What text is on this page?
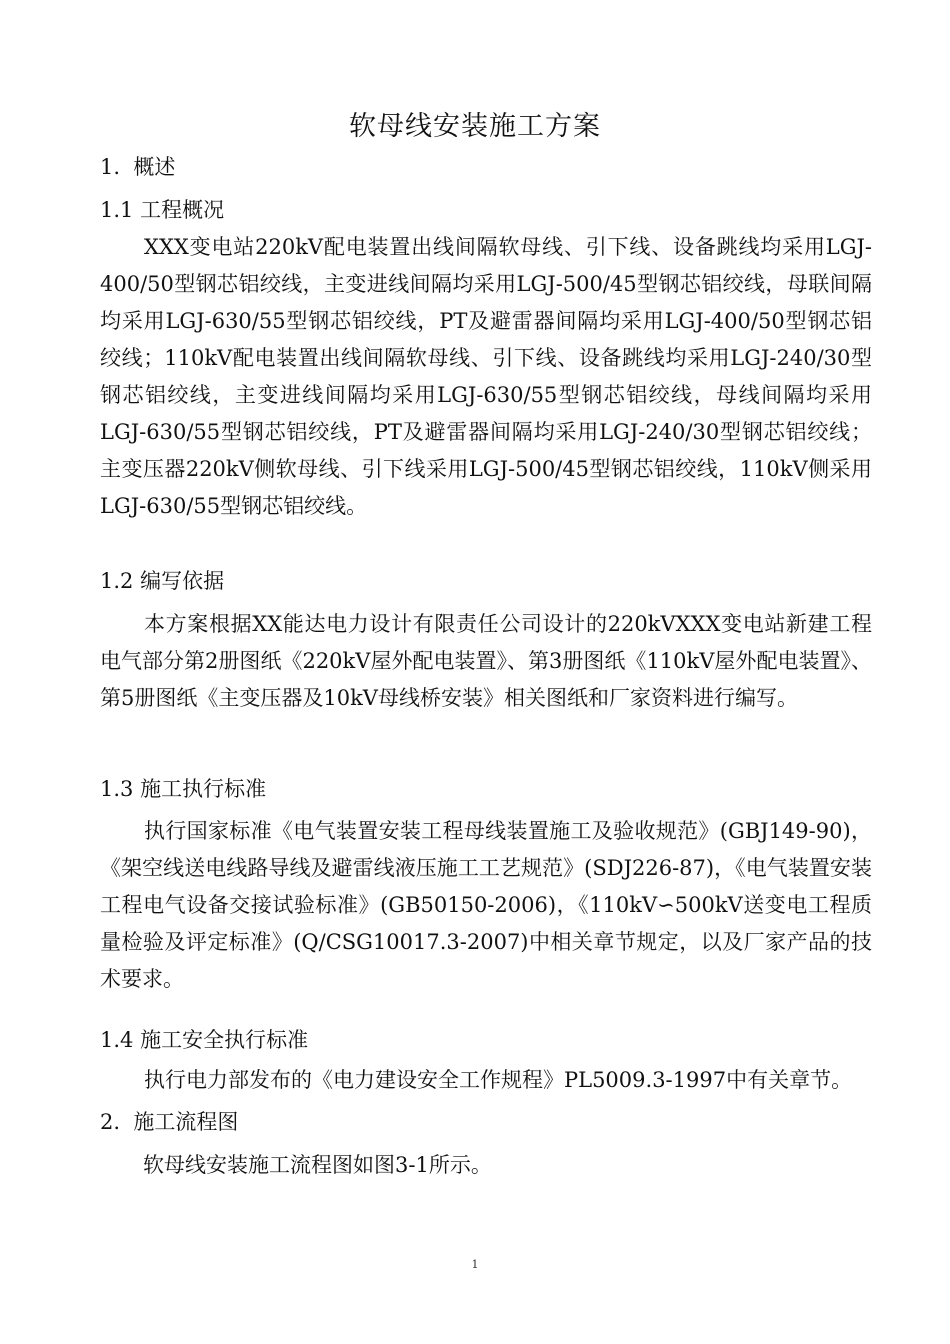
软母线安装施工方案
1.  概述
1.1 工程概况

XXX变电站220kV配电装置出线间隔软母线、引下线、设备跳线均采用LGJ-400/50型钢芯铝绞线，主变进线间隔均采用LGJ-500/45型钢芯铝绞线，母联间隔均采用LGJ-630/55型钢芯铝绞线，PT及避雷器间隔均采用LGJ-400/50型钢芯铝绞线；110kV配电装置出线间隔软母线、引下线、设备跳线均采用LGJ-240/30型钢芯铝绞线，主变进线间隔均采用LGJ-630/55型钢芯铝绞线，母线间隔均采用LGJ-630/55型钢芯铝绞线，PT及避雷器间隔均采用LGJ-240/30型钢芯铝绞线；主变压器220kV侧软母线、引下线采用LGJ-500/45型钢芯铝绞线，110kV侧采用LGJ-630/55型钢芯铝绞线。

1.2 编写依据

本方案根据XX能达电力设计有限责任公司设计的220kVXXX变电站新建工程电气部分第2册图纸《220kV屋外配电装置》、第3册图纸《110kV屋外配电装置》、第5册图纸《主变压器及10kV母线桥安装》相关图纸和厂家资料进行编写。

1.3 施工执行标准

执行国家标准《电气装置安装工程母线装置施工及验收规范》(GBJ149-90)，《架空线送电线路导线及避雷线液压施工工艺规范》(SDJ226-87)，《电气装置安装工程电气设备交接试验标准》(GB50150-2006)，《110kV∽500kV送变电工程质量检验及评定标准》(Q/CSG10017.3-2007)中相关章节规定，以及厂家产品的技术要求。

1.4 施工安全执行标准

执行电力部发布的《电力建设安全工作规程》PL5009.3-1997中有关章节。

2.  施工流程图
软母线安装施工流程图如图3-1所示。
1
